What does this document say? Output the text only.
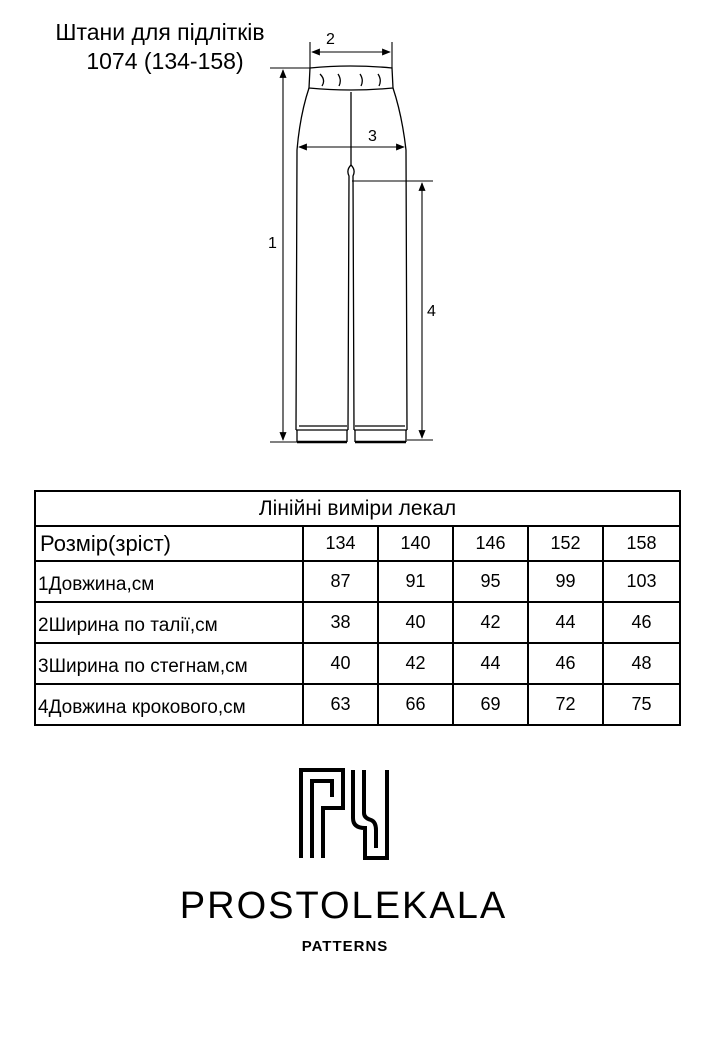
Штани для підлітків
1074 (134-158)
1
2
3
4
Лінійні виміри лекал					
Розмір(зріст)	134	140	146	152	158
1Довжина,см	87	91	95	99	103
2Ширина по талії,см	38	40	42	44	46
3Ширина по стегнам,см	40	42	44	46	48
4Довжина крокового,см	63	66	69	72	75
PROSTOLEKALA
PATTERNS
